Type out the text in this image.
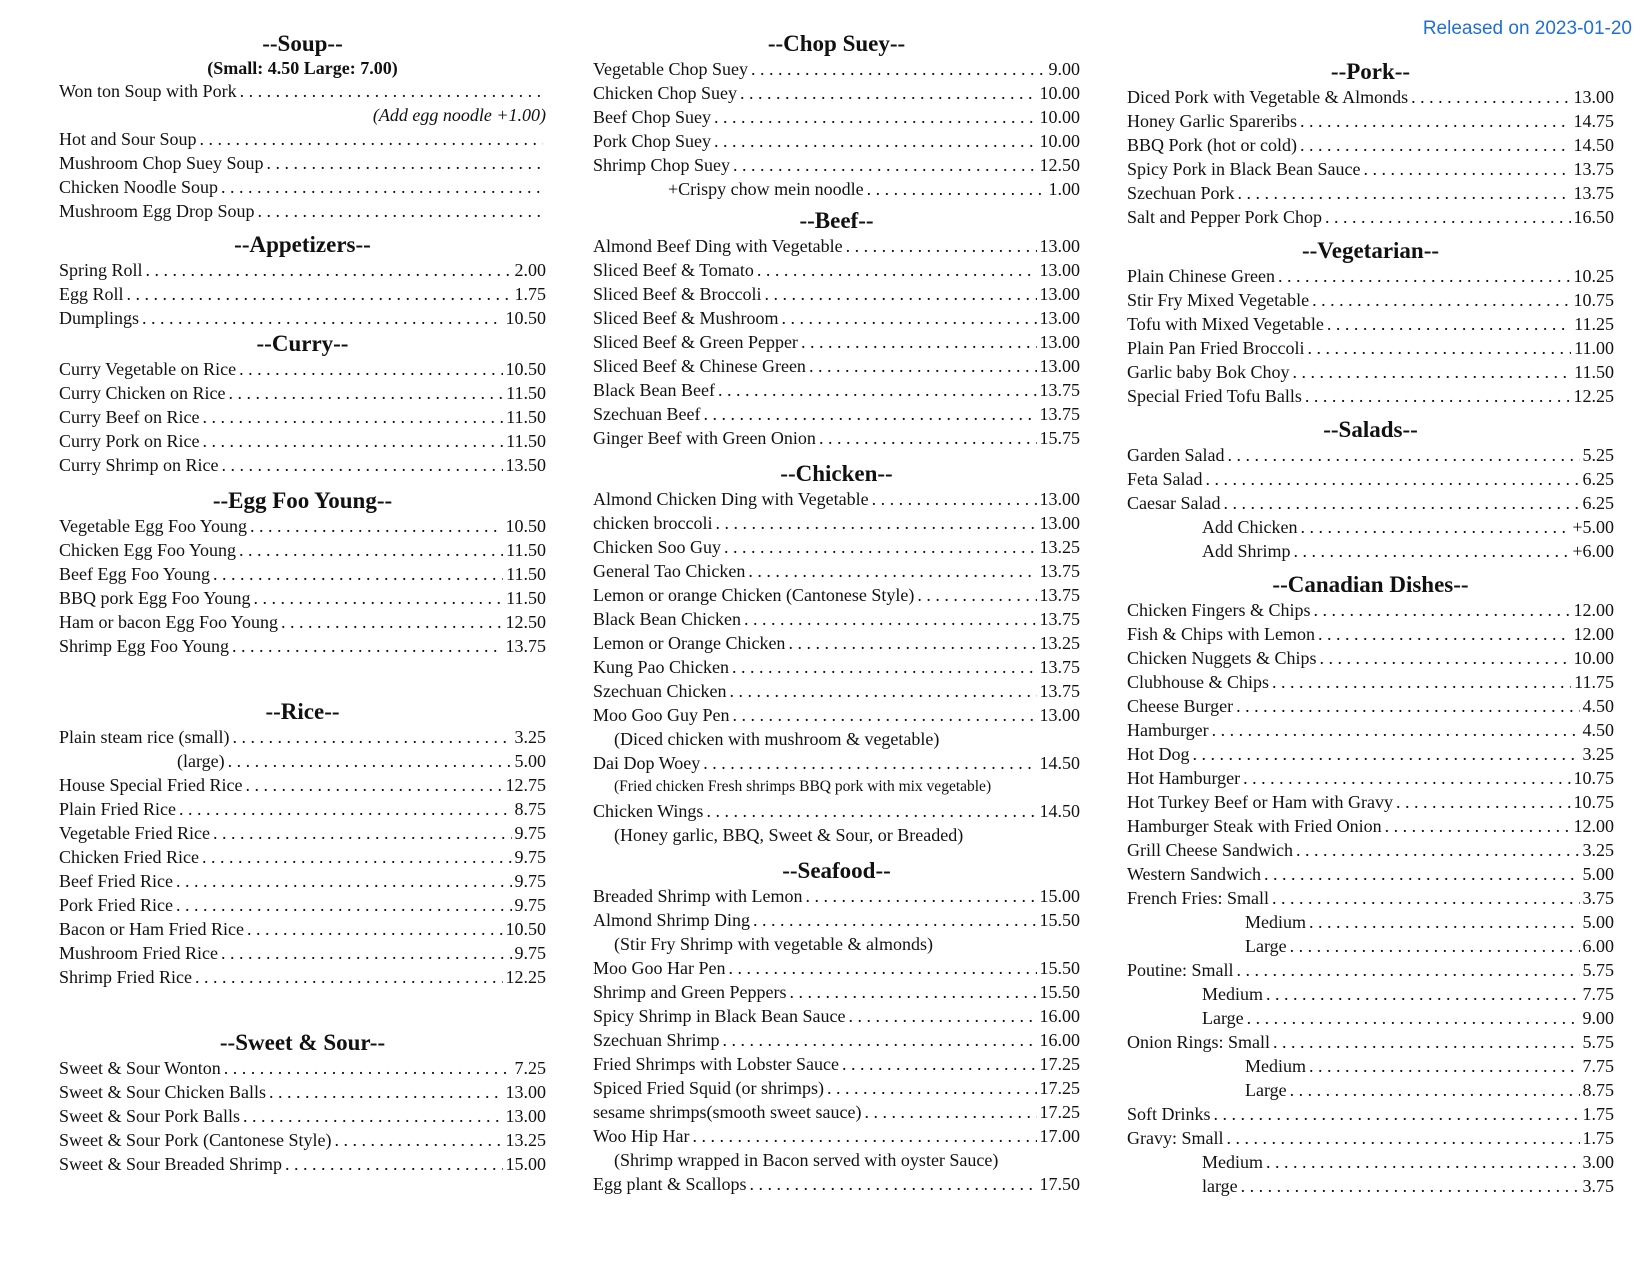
Released on 2023-01-20
--Soup--
(Small: 4.50 Large: 7.00)
Won ton Soup with Pork
. . .
(Add egg noodle +1.00)
Hot and Sour Soup
. . .
Mushroom Chop Suey Soup
. . .
Chicken Noodle Soup
. . .
Mushroom Egg Drop Soup
. . .
--Appetizers--
Spring Roll . . .	2.00
Egg Roll . . .	1.75
Dumplings . . .	10.50
--Curry--
Curry Vegetable on Rice . . .	10.50
Curry Chicken on Rice . . .	11.50
Curry Beef on Rice . . .	11.50
Curry Pork on Rice . . .	11.50
Curry Shrimp on Rice . . .	13.50
--Egg Foo Young--
Vegetable Egg Foo Young . . .	10.50
Chicken Egg Foo Young . . .	11.50
Beef Egg Foo Young . . .	11.50
BBQ pork Egg Foo Young . . .	11.50
Ham or bacon Egg Foo Young . . .	12.50
Shrimp Egg Foo Young . . .	13.75
--Rice--
Plain steam rice (small) . . .	3.25
(large) . . .	5.00
House Special Fried Rice . . .	12.75
Plain Fried Rice . . .	8.75
Vegetable Fried Rice . . .	9.75
Chicken Fried Rice . . .	9.75
Beef Fried Rice . . .	9.75
Pork Fried Rice . . .	9.75
Bacon or Ham Fried Rice . . .	10.50
Mushroom Fried Rice . . .	9.75
Shrimp Fried Rice . . .	12.25
--Sweet & Sour--
Sweet & Sour Wonton . . .	7.25
Sweet & Sour Chicken Balls . . .	13.00
Sweet & Sour Pork Balls . . .	13.00
Sweet & Sour Pork (Cantonese Style) . . .	13.25
Sweet & Sour Breaded Shrimp . . .	15.00
--Chop Suey--
Vegetable Chop Suey . . .	9.00
Chicken Chop Suey . . .	10.00
Beef Chop Suey . . .	10.00
Pork Chop Suey . . .	10.00
Shrimp Chop Suey . . .	12.50
+Crispy chow mein noodle . . .	1.00
--Beef--
Almond Beef Ding with Vegetable . . .	13.00
Sliced Beef & Tomato . . .	13.00
Sliced Beef & Broccoli . . .	13.00
Sliced Beef & Mushroom . . .	13.00
Sliced Beef & Green Pepper . . .	13.00
Sliced Beef & Chinese Green . . .	13.00
Black Bean Beef . . .	13.75
Szechuan Beef . . .	13.75
Ginger Beef with Green Onion . . .	15.75
--Chicken--
Almond Chicken Ding with Vegetable . . .	13.00
chicken broccoli . . .	13.00
Chicken Soo Guy . . .	13.25
General Tao Chicken . . .	13.75
Lemon or orange Chicken (Cantonese Style) . . .	13.75
Black Bean Chicken . . .	13.75
Lemon or Orange Chicken . . .	13.25
Kung Pao Chicken . . .	13.75
Szechuan Chicken . . .	13.75
Moo Goo Guy Pen . . .	13.00
(Diced chicken with mushroom & vegetable)
Dai Dop Woey . . .	14.50
(Fried chicken Fresh shrimps BBQ pork with mix vegetable)
Chicken Wings . . .	14.50
(Honey garlic, BBQ, Sweet & Sour, or Breaded)
--Seafood--
Breaded Shrimp with Lemon . . .	15.00
Almond Shrimp Ding . . .	15.50
(Stir Fry Shrimp with vegetable & almonds)
Moo Goo Har Pen . . .	15.50
Shrimp and Green Peppers . . .	15.50
Spicy Shrimp in Black Bean Sauce . . .	16.00
Szechuan Shrimp . . .	16.00
Fried Shrimps with Lobster Sauce . . .	17.25
Spiced Fried Squid (or shrimps) . . .	17.25
sesame shrimps(smooth sweet sauce) . . .	17.25
Woo Hip Har . . .	17.00
(Shrimp wrapped in Bacon served with oyster Sauce)
Egg plant & Scallops . . .	17.50
--Pork--
Diced Pork with Vegetable & Almonds . . .	13.00
Honey Garlic Spareribs . . .	14.75
BBQ Pork (hot or cold) . . .	14.50
Spicy Pork in Black Bean Sauce . . .	13.75
Szechuan Pork . . .	13.75
Salt and Pepper Pork Chop . . .	16.50
--Vegetarian--
Plain Chinese Green . . .	10.25
Stir Fry Mixed Vegetable . . .	10.75
Tofu with Mixed Vegetable . . .	11.25
Plain Pan Fried Broccoli . . .	11.00
Garlic baby Bok Choy . . .	11.50
Special Fried Tofu Balls . . .	12.25
--Salads--
Garden Salad . . .	5.25
Feta Salad . . .	6.25
Caesar Salad . . .	6.25
Add Chicken . . .	+5.00
Add Shrimp . . .	+6.00
--Canadian Dishes--
Chicken Fingers & Chips . . .	12.00
Fish & Chips with Lemon . . .	12.00
Chicken Nuggets & Chips . . .	10.00
Clubhouse & Chips . . .	11.75
Cheese Burger . . .	4.50
Hamburger . . .	4.50
Hot Dog . . .	3.25
Hot Hamburger . . .	10.75
Hot Turkey Beef or Ham with Gravy . . .	10.75
Hamburger Steak with Fried Onion . . .	12.00
Grill Cheese Sandwich . . .	3.25
Western Sandwich . . .	5.00
French Fries: Small . . .	3.75
Medium . . .	5.00
Large . . .	6.00
Poutine: Small . . .	5.75
Medium . . .	7.75
Large . . .	9.00
Onion Rings: Small . . .	5.75
Medium . . .	7.75
Large . . .	8.75
Soft Drinks . . .	1.75
Gravy: Small . . .	1.75
Medium . . .	3.00
large . . .	3.75
